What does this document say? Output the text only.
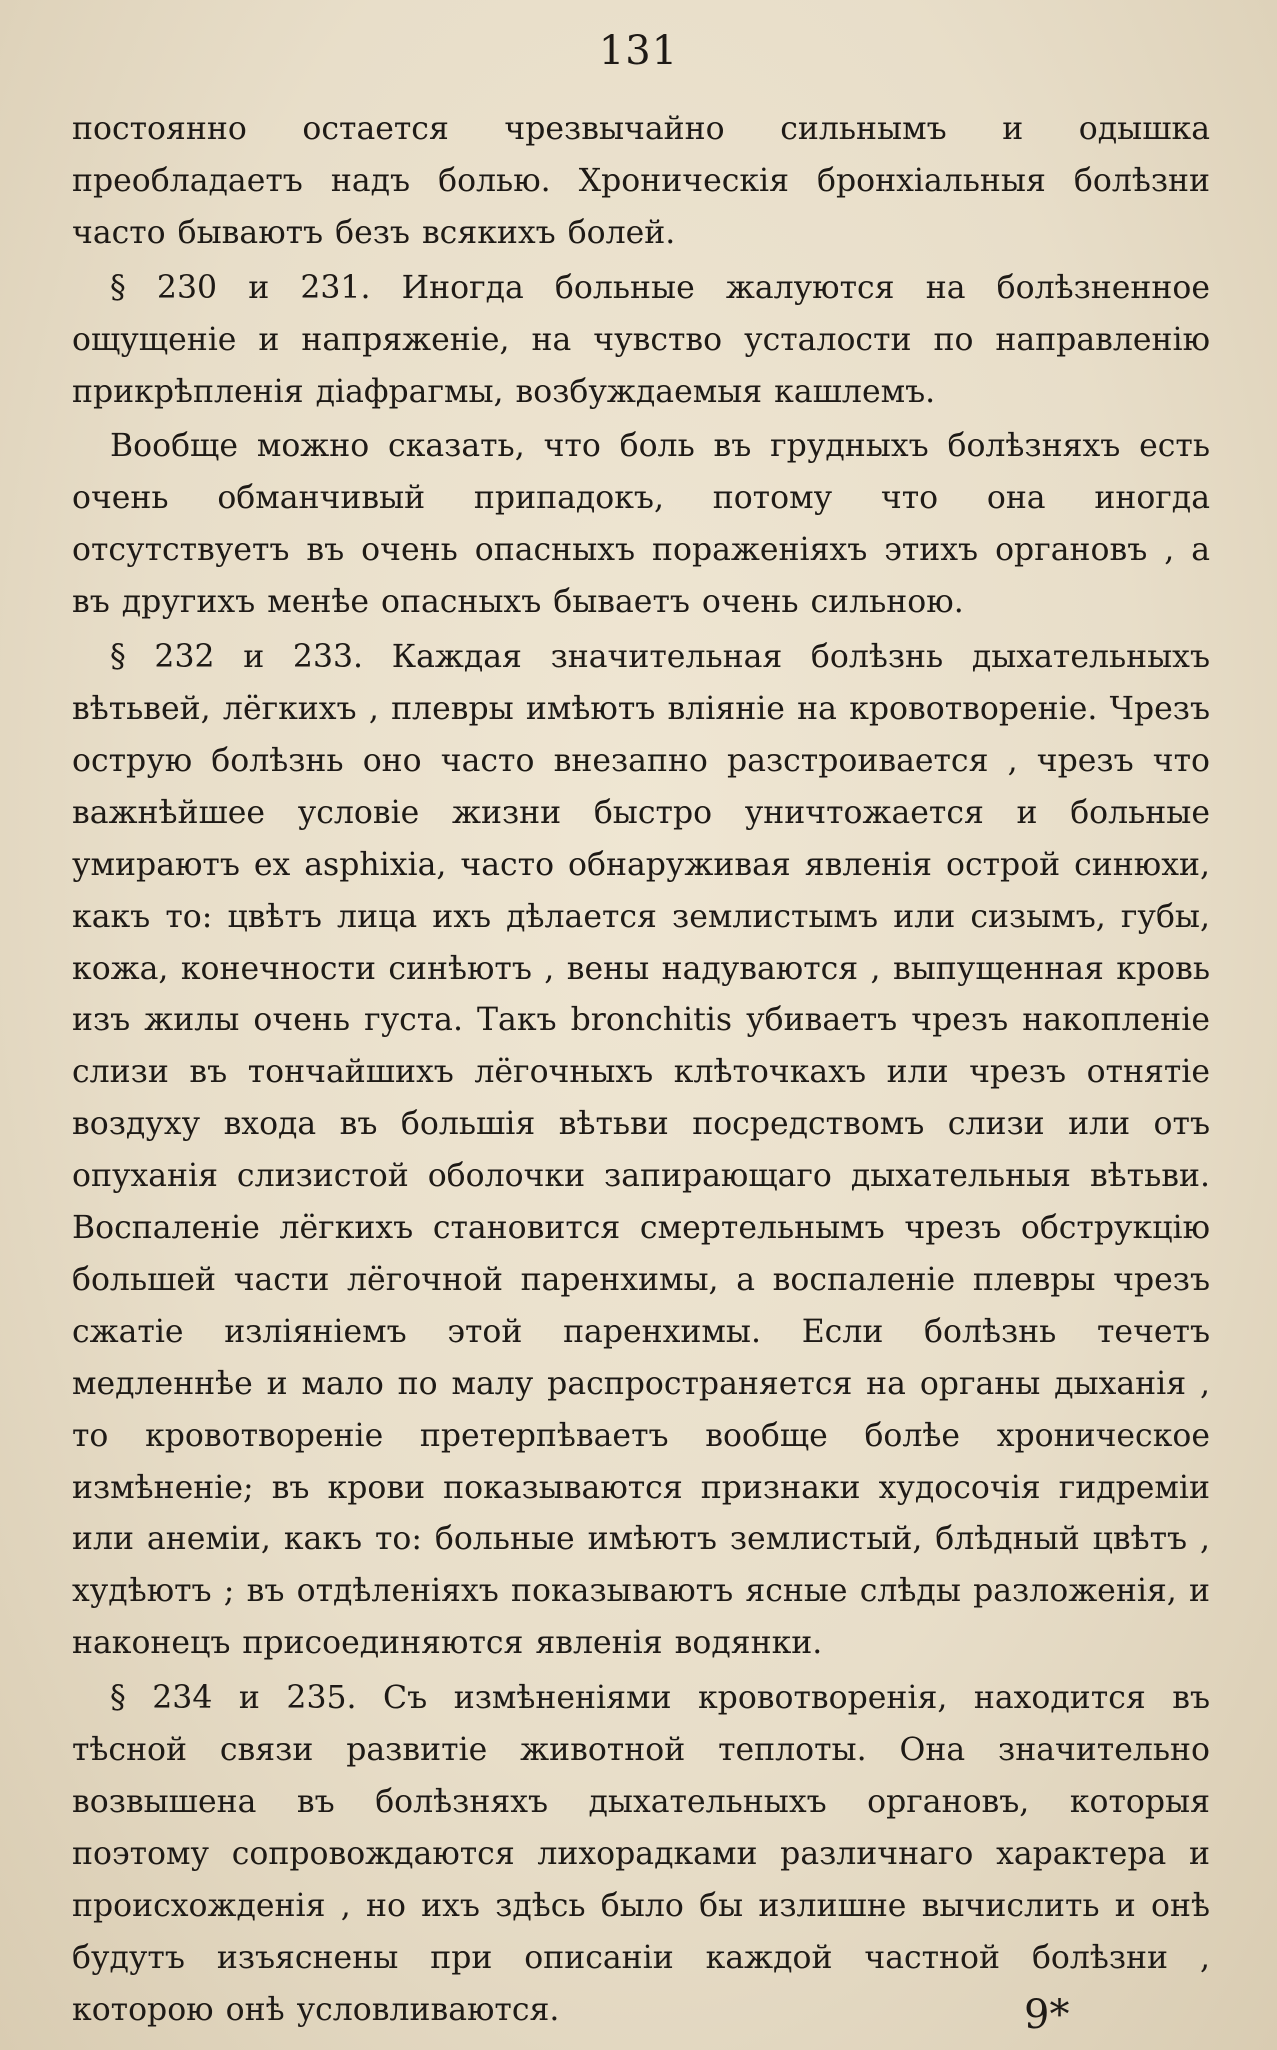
131

постоянно остается чрезвычайно сильнымъ и одышка преобладаетъ надъ болью. Хроническія бронхіальныя болѣзни часто бываютъ безъ всякихъ болей.

§ 230 и 231. Иногда больные жалуются на болѣзненное ощущеніе и напряженіе, на чувство усталости по направленію прикрѣпленія діафрагмы, возбуждаемыя кашлемъ.

Вообще можно сказать, что боль въ грудныхъ болѣзняхъ есть очень обманчивый припадокъ, потому что она иногда отсутствуетъ въ очень опасныхъ пораженіяхъ этихъ органовъ , а въ другихъ менѣе опасныхъ бываетъ очень сильною.

§ 232 и 233. Каждая значительная болѣзнь дыхательныхъ вѣтьвей, лёгкихъ , плевры имѣютъ вліяніе на кровотвореніе. Чрезъ острую болѣзнь оно часто внезапно разстроивается , чрезъ что важнѣйшее условіе жизни быстро уничтожается и больные умираютъ ex asphixia, часто обнаруживая явленія острой синюхи, какъ то: цвѣтъ лица ихъ дѣлается землистымъ или сизымъ, губы, кожа, конечности синѣютъ , вены надуваются , выпущенная кровь изъ жилы очень густа. Такъ bronchitis убиваетъ чрезъ накопленіе слизи въ тончайшихъ лёгочныхъ клѣточкахъ или чрезъ отнятіе воздуху входа въ большія вѣтьви посредствомъ слизи или отъ опуханія слизистой оболочки запирающаго дыхательныя вѣтьви. Воспаленіе лёгкихъ становится смертельнымъ чрезъ обструкцію большей части лёгочной паренхимы, а воспаленіе плевры чрезъ сжатіе изліяніемъ этой паренхимы. Если болѣзнь течетъ медленнѣе и мало по малу распространяется на органы дыханія , то кровотвореніе претерпѣваетъ вообще болѣе хроническое измѣненіе; въ крови показываются признаки худосочія гидреміи или анеміи, какъ то: больные имѣютъ землистый, блѣдный цвѣтъ , худѣютъ ; въ отдѣленіяхъ показываютъ ясные слѣды разложенія, и наконецъ присоединяются явленія водянки.

§ 234 и 235. Съ измѣненіями кровотворенія, находится въ тѣсной связи развитіе животной теплоты. Она значительно возвышена въ болѣзняхъ дыхательныхъ органовъ, которыя поэтому сопровождаются лихорадками различнаго характера и происхожденія , но ихъ здѣсь было бы излишне вычислить и онѣ будутъ изъяснены при описаніи каждой частной болѣзни , которою онѣ условливаются.	9*
